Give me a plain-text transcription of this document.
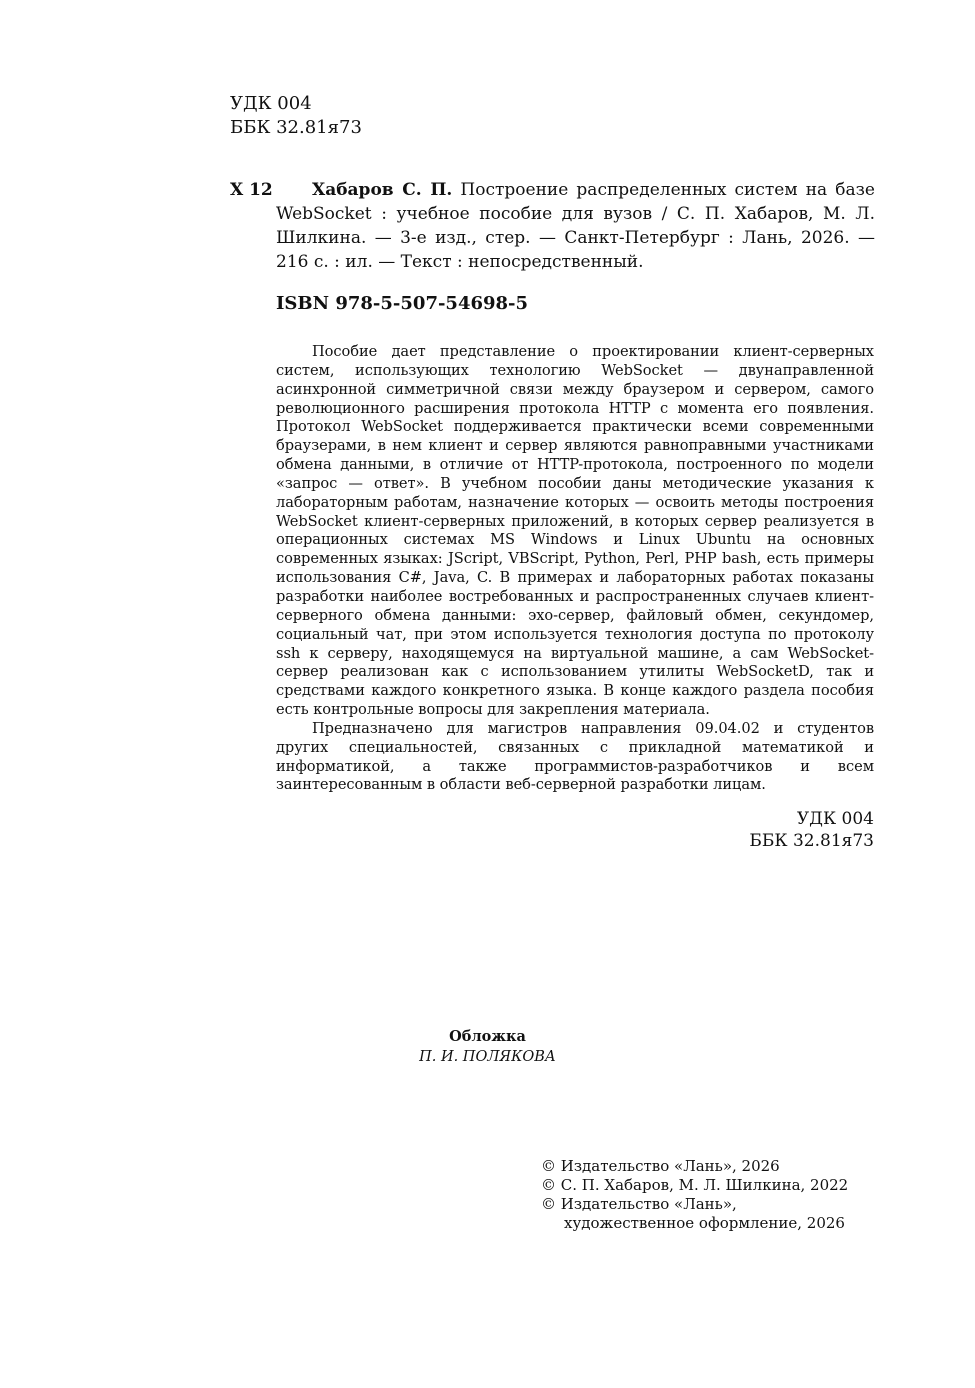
УДК 004
ББК 32.81я73
Х 12	Хабаров С. П. Построение распределенных систем на базе WebSocket : учебное пособие для вузов / С. П. Хабаров, М. Л. Шилкина. — 3-е изд., стер. — Санкт-Петербург : Лань, 2026. — 216 с. : ил. — Текст : непосредственный.
ISBN 978-5-507-54698-5

Пособие дает представление о проектировании клиент-серверных систем, использующих технологию WebSocket — двунаправленной асинхронной симметричной связи между браузером и сервером, самого революционного расширения протокола HTTP с момента его появления. Протокол WebSocket поддерживается практически всеми современными браузерами, в нем клиент и сервер являются равноправными участниками обмена данными, в отличие от HTTP-протокола, построенного по модели «запрос — ответ». В учебном пособии даны методические указания к лабораторным работам, назначение которых — освоить методы построения WebSocket клиент-серверных приложений, в которых сервер реализуется в операционных системах MS Windows и Linux Ubuntu на основных современных языках: JScript, VBScript, Python, Perl, PHP bash, есть примеры использования C#, Java, C. В примерах и лабораторных работах показаны разработки наиболее востребованных и распространенных случаев клиент-серверного обмена данными: эхо-сервер, файловый обмен, секундомер, социальный чат, при этом используется технология доступа по протоколу ssh к серверу, находящемуся на виртуальной машине, а сам WebSocket-сервер реализован как с использованием утилиты WebSocketD, так и средствами каждого конкретного языка. В конце каждого раздела пособия есть контрольные вопросы для закрепления материала.

Предназначено для магистров направления 09.04.02 и студентов других специальностей, связанных с прикладной математикой и информатикой, а также программистов-разработчиков и всем заинтересованным в области веб-серверной разработки лицам.

УДК 004
ББК 32.81я73
Обложка
П. И. ПОЛЯКОВА
© Издательство «Лань», 2026
© С. П. Хабаров, М. Л. Шилкина, 2022
© Издательство «Лань»,
художественное оформление, 2026
